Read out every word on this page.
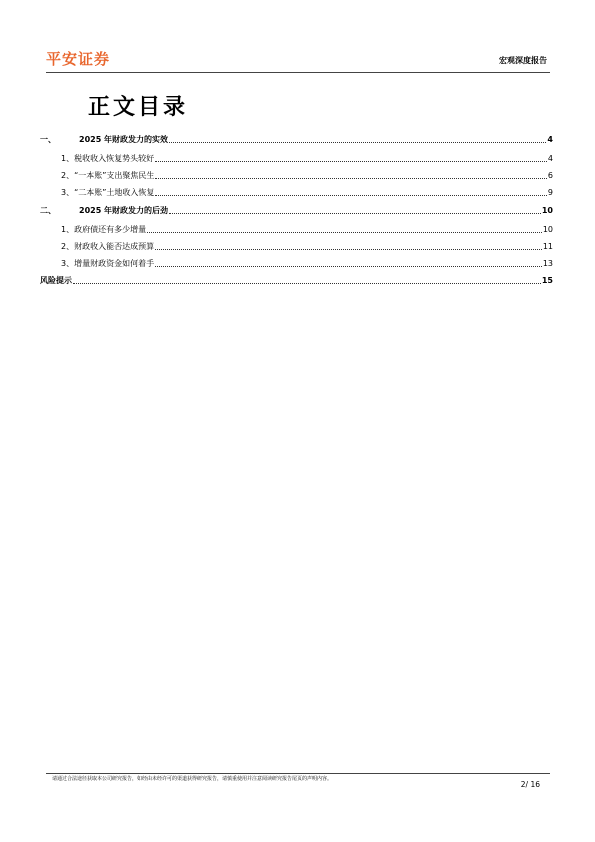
平安证券	宏观深度报告
正文目录
一、	2025 年财政发力的实效	4
1、税收收入恢复势头较好	4
2、“一本账”支出聚焦民生	6
3、“二本账”土地收入恢复	9
二、	2025 年财政发力的后劲	10
1、政府债还有多少增量	10
2、财政收入能否达成预算	11
3、增量财政资金如何着手	13
风险提示	15
请通过合法途径获取本公司研究报告，如经由未经许可的渠道获得研究报告，请慎重使用并注意阅读研究报告尾页的声明内容。
2/ 16
